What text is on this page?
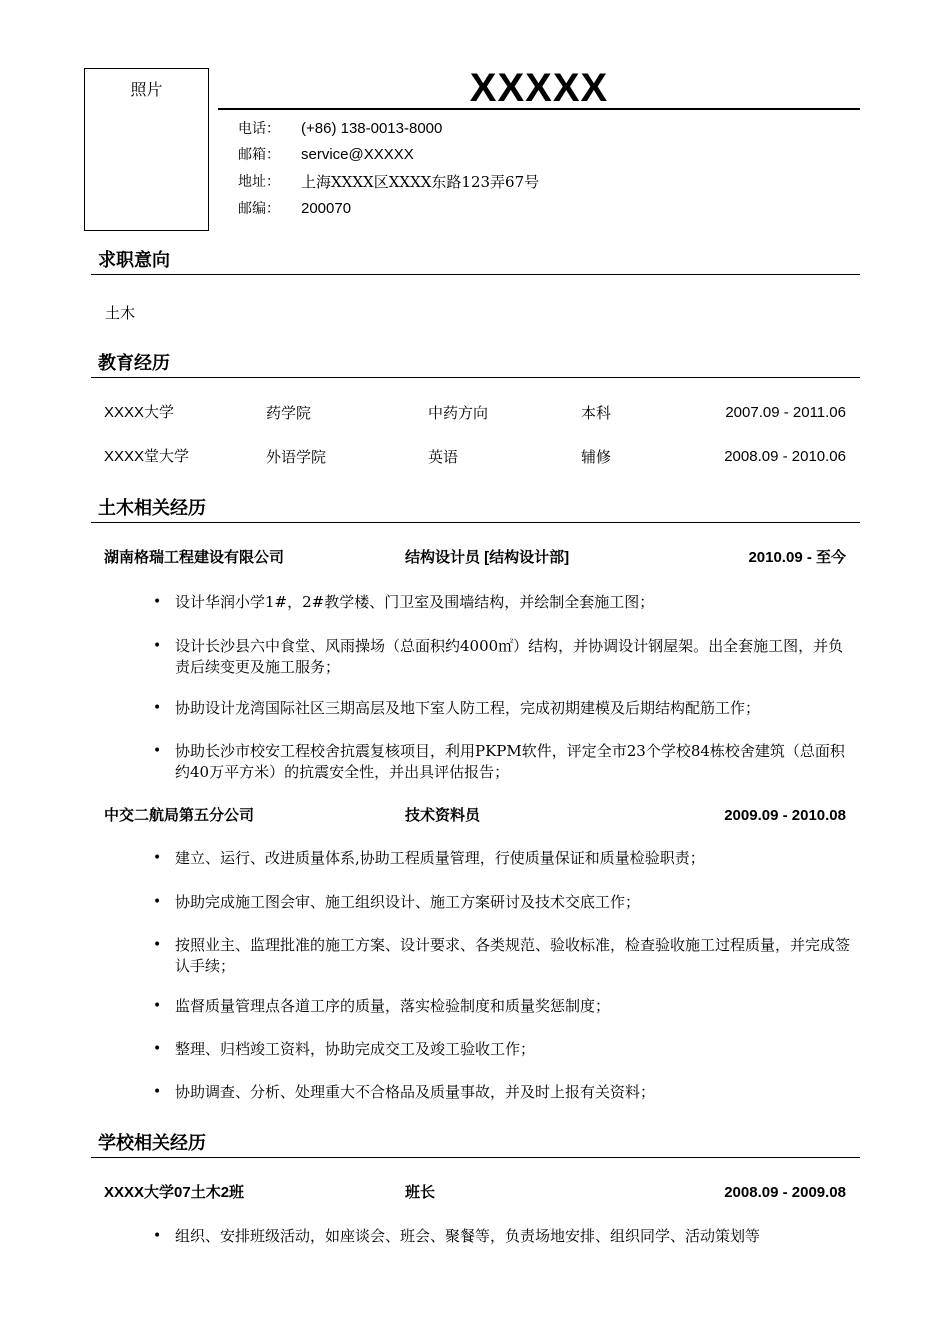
照片	XXXXX
电话： (+86) 138-0013-8000
邮箱： service@XXXXX
地址： 上海XXXX区XXXX东路123弄67号
邮编： 200070
求职意向
土木
教育经历
XXXX大学	药学院	中药方向	本科	2007.09 - 2011.06
XXXX堂大学	外语学院	英语	辅修	2008.09 - 2010.06
土木相关经历
湖南格瑞工程建设有限公司	结构设计员 [结构设计部]	2010.09 - 至今
• 设计华润小学1#，2#教学楼、门卫室及围墙结构，并绘制全套施工图；
• 设计长沙县六中食堂、风雨操场（总面积约4000㎡）结构，并协调设计钢屋架。出全套施工图，并负责后续变更及施工服务；
• 协助设计龙湾国际社区三期高层及地下室人防工程，完成初期建模及后期结构配筋工作；
• 协助长沙市校安工程校舍抗震复核项目，利用PKPM软件，评定全市23个学校84栋校舍建筑（总面积约40万平方米）的抗震安全性，并出具评估报告；
中交二航局第五分公司	技术资料员	2009.09 - 2010.08
• 建立、运行、改进质量体系,协助工程质量管理，行使质量保证和质量检验职责；
• 协助完成施工图会审、施工组织设计、施工方案研讨及技术交底工作；
• 按照业主、监理批准的施工方案、设计要求、各类规范、验收标准，检查验收施工过程质量，并完成签认手续；
• 监督质量管理点各道工序的质量，落实检验制度和质量奖惩制度；
• 整理、归档竣工资料，协助完成交工及竣工验收工作；
• 协助调查、分析、处理重大不合格品及质量事故，并及时上报有关资料；
学校相关经历
XXXX大学07土木2班	班长	2008.09 - 2009.08
• 组织、安排班级活动，如座谈会、班会、聚餐等，负责场地安排、组织同学、活动策划等
